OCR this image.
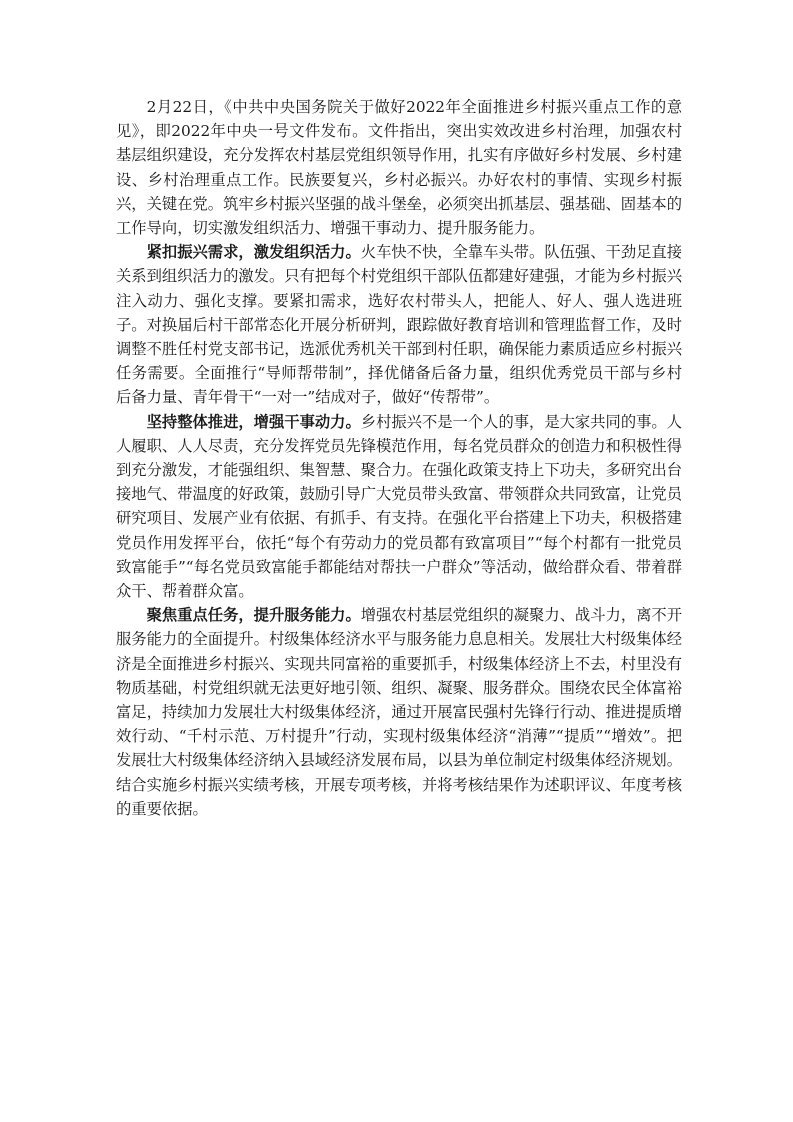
2月22日，《中共中央国务院关于做好2022年全面推进乡村振兴重点工作的意见》，即2022年中央一号文件发布。文件指出，突出实效改进乡村治理，加强农村基层组织建设，充分发挥农村基层党组织领导作用，扎实有序做好乡村发展、乡村建设、乡村治理重点工作。民族要复兴，乡村必振兴。办好农村的事情、实现乡村振兴，关键在党。筑牢乡村振兴坚强的战斗堡垒，必须突出抓基层、强基础、固基本的工作导向，切实激发组织活力、增强干事动力、提升服务能力。

紧扣振兴需求，激发组织活力。火车快不快，全靠车头带。队伍强、干劲足直接关系到组织活力的激发。只有把每个村党组织干部队伍都建好建强，才能为乡村振兴注入动力、强化支撑。要紧扣需求，选好农村带头人，把能人、好人、强人选进班子。对换届后村干部常态化开展分析研判，跟踪做好教育培训和管理监督工作，及时调整不胜任村党支部书记，选派优秀机关干部到村任职，确保能力素质适应乡村振兴任务需要。全面推行“导师帮带制”，择优储备后备力量，组织优秀党员干部与乡村后备力量、青年骨干“一对一”结成对子，做好“传帮带”。

坚持整体推进，增强干事动力。乡村振兴不是一个人的事，是大家共同的事。人人履职、人人尽责，充分发挥党员先锋模范作用，每名党员群众的创造力和积极性得到充分激发，才能强组织、集智慧、聚合力。在强化政策支持上下功夫，多研究出台接地气、带温度的好政策，鼓励引导广大党员带头致富、带领群众共同致富，让党员研究项目、发展产业有依据、有抓手、有支持。在强化平台搭建上下功夫，积极搭建党员作用发挥平台，依托“每个有劳动力的党员都有致富项目”“每个村都有一批党员致富能手”“每名党员致富能手都能结对帮扶一户群众”等活动，做给群众看、带着群众干、帮着群众富。

聚焦重点任务，提升服务能力。增强农村基层党组织的凝聚力、战斗力，离不开服务能力的全面提升。村级集体经济水平与服务能力息息相关。发展壮大村级集体经济是全面推进乡村振兴、实现共同富裕的重要抓手，村级集体经济上不去，村里没有物质基础，村党组织就无法更好地引领、组织、凝聚、服务群众。围绕农民全体富裕富足，持续加力发展壮大村级集体经济，通过开展富民强村先锋行行动、推进提质增效行动、“千村示范、万村提升”行动，实现村级集体经济“消薄”“提质”“增效”。把发展壮大村级集体经济纳入县域经济发展布局，以县为单位制定村级集体经济规划。结合实施乡村振兴实绩考核，开展专项考核，并将考核结果作为述职评议、年度考核的重要依据。
